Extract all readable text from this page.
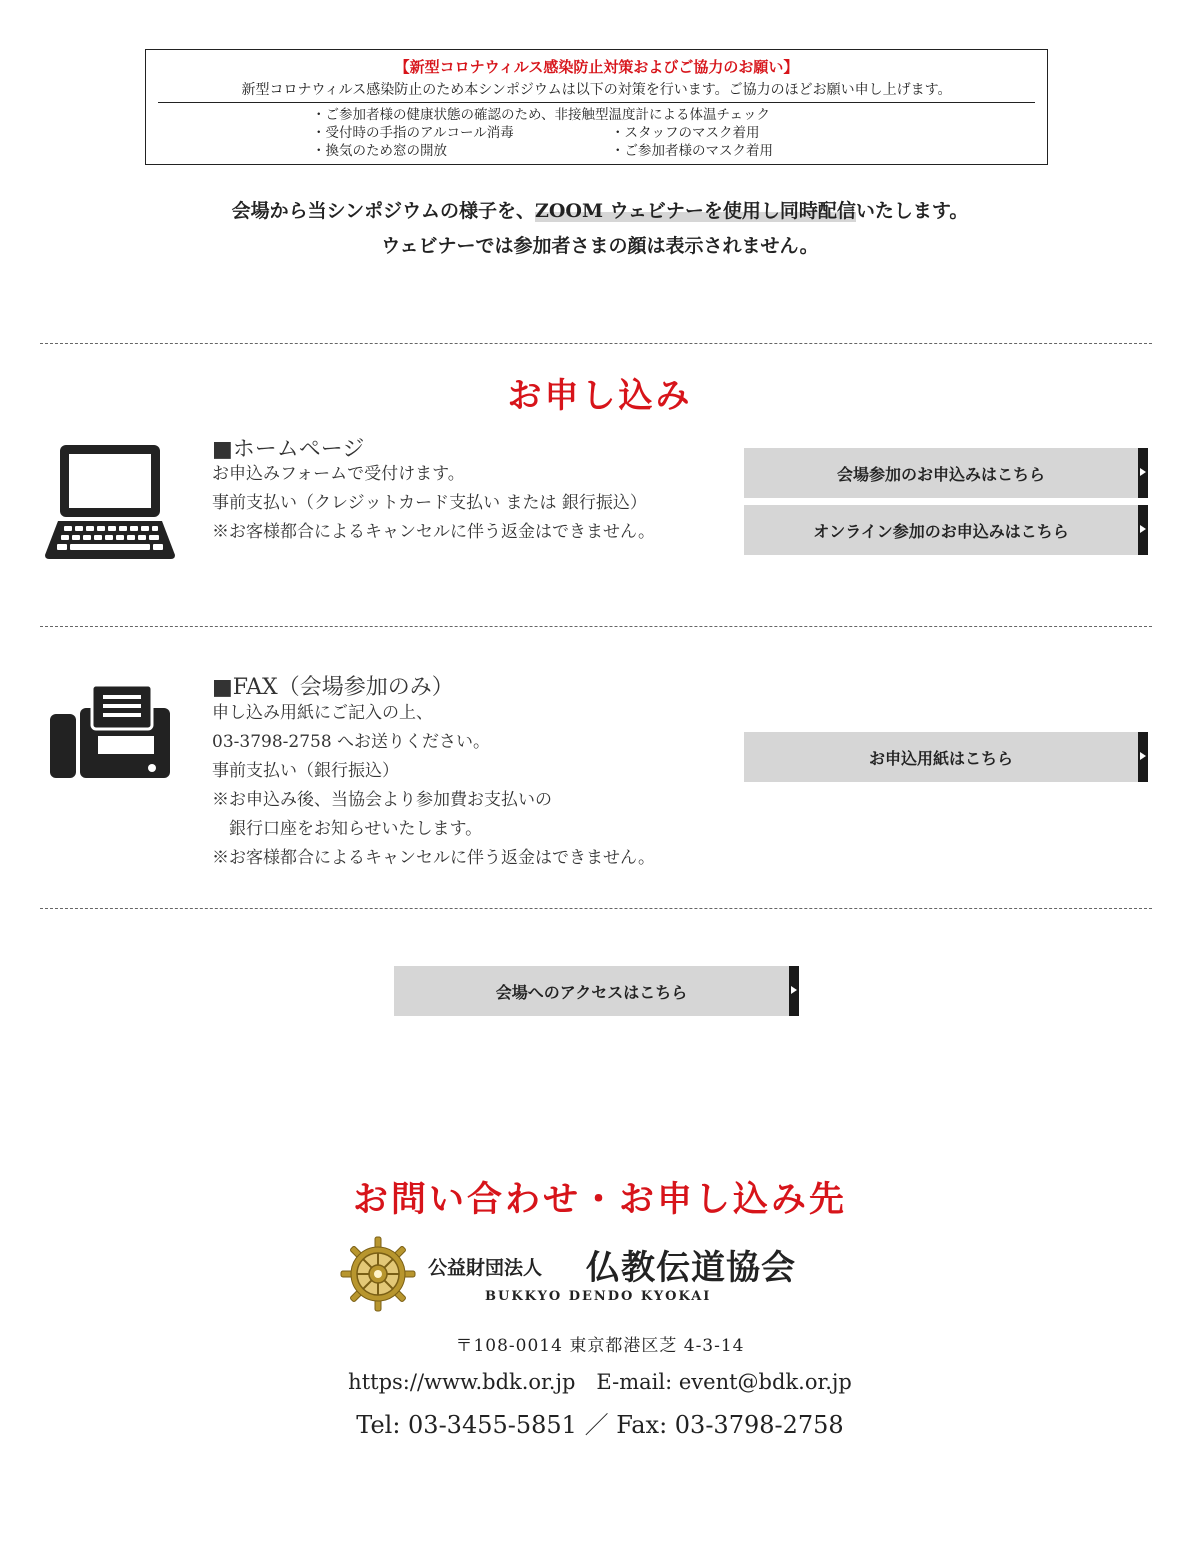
【新型コロナウィルス感染防止対策およびご協力のお願い】
新型コロナウィルス感染防止のため本シンポジウムは以下の対策を行います。ご協力のほどお願い申し上げます。
・ご参加者様の健康状態の確認のため、非接触型温度計による体温チェック
・受付時の手指のアルコール消毒	・スタッフのマスク着用
・換気のため窓の開放	・ご参加者様のマスク着用
会場から当シンポジウムの様子を、ZOOM ウェビナーを使用し同時配信いたします。
ウェビナーでは参加者さまの顔は表示されません。
お申し込み
■ホームページ
お申込みフォームで受付けます。
事前支払い（クレジットカード支払い または 銀行振込）
※お客様都合によるキャンセルに伴う返金はできません。
会場参加のお申込みはこちら
オンライン参加のお申込みはこちら
■FAX（会場参加のみ）
申し込み用紙にご記入の上、
03-3798-2758 へお送りください。
事前支払い（銀行振込）
※お申込み後、当協会より参加費お支払いの
　銀行口座をお知らせいたします。
※お客様都合によるキャンセルに伴う返金はできません。
お申込用紙はこちら
会場へのアクセスはこちら
お問い合わせ・お申し込み先
公益財団法人 仏教伝道協会
BUKKYO DENDO KYOKAI
〒108-0014 東京都港区芝 4-3-14
https://www.bdk.or.jp　E-mail: event@bdk.or.jp
Tel: 03-3455-5851 ／ Fax: 03-3798-2758
